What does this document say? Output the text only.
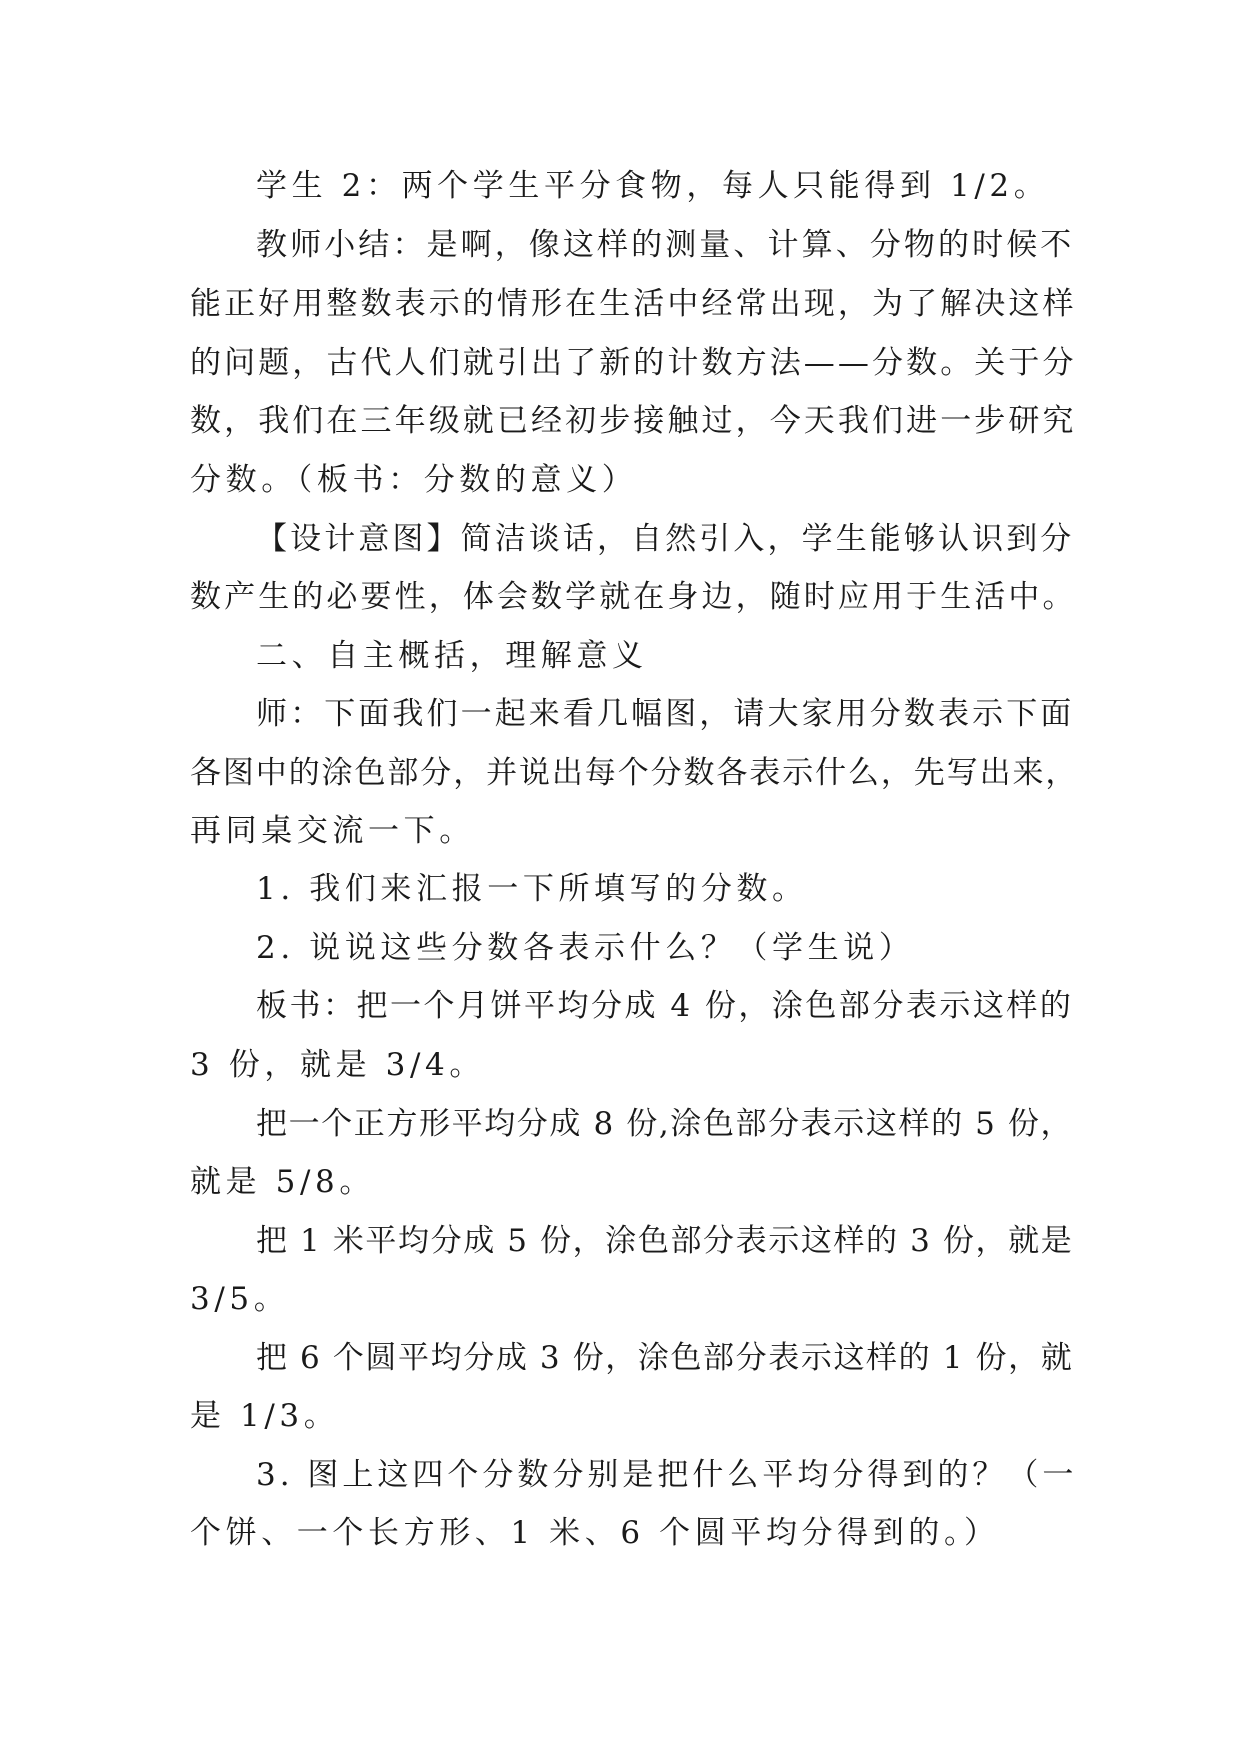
学生 2：两个学生平分食物，每人只能得到 1/2。
教师小结：是啊，像这样的测量、计算、分物的时候不
能正好用整数表示的情形在生活中经常出现，为了解决这样
的问题，古代人们就引出了新的计数方法——分数。关于分
数，我们在三年级就已经初步接触过，今天我们进一步研究
分数。（板书：分数的意义）
【设计意图】简洁谈话，自然引入，学生能够认识到分
数产生的必要性，体会数学就在身边，随时应用于生活中。
二、自主概括，理解意义
师：下面我们一起来看几幅图，请大家用分数表示下面
各图中的涂色部分，并说出每个分数各表示什么，先写出来，
再同桌交流一下。
1. 我们来汇报一下所填写的分数。
2. 说说这些分数各表示什么？（学生说）
板书：把一个月饼平均分成 4 份，涂色部分表示这样的
3 份，就是 3/4。
把一个正方形平均分成 8 份,涂色部分表示这样的 5 份，
就是 5/8。
把 1 米平均分成 5 份，涂色部分表示这样的 3 份，就是
3/5。
把 6 个圆平均分成 3 份，涂色部分表示这样的 1 份，就
是 1/3。
3. 图上这四个分数分别是把什么平均分得到的？（一
个饼、一个长方形、1 米、6 个圆平均分得到的。）
